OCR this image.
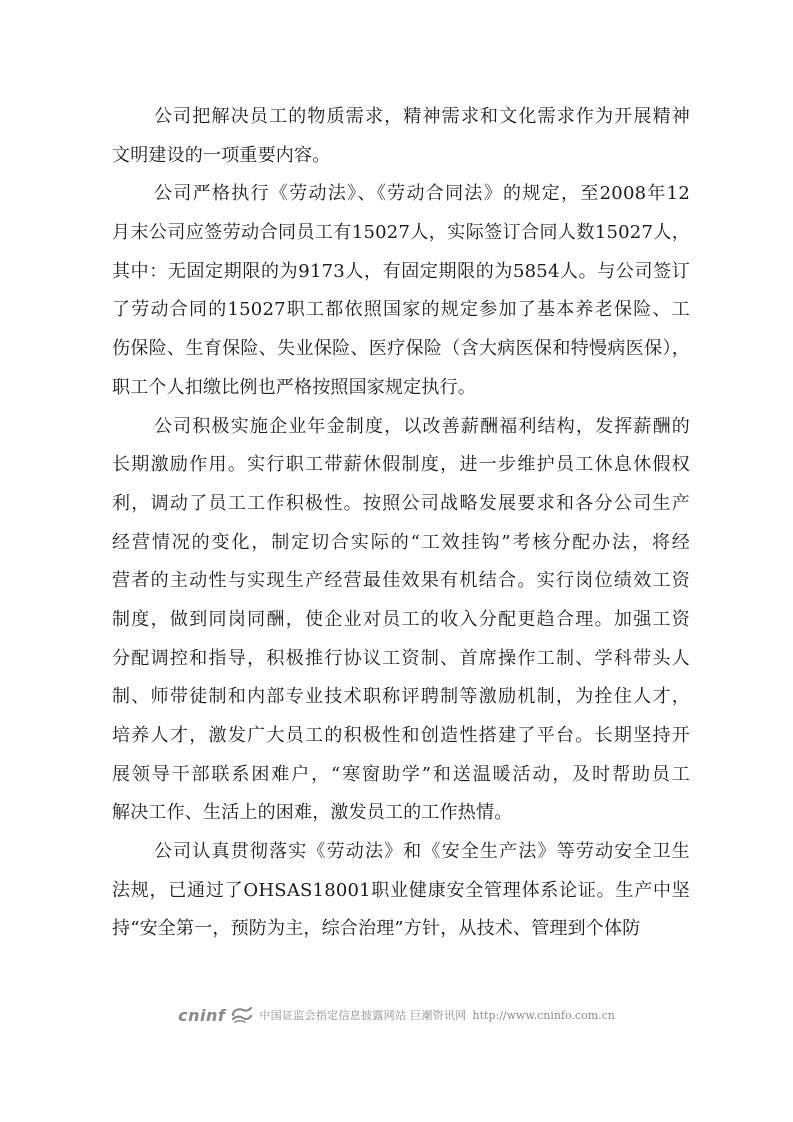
公司把解决员工的物质需求，精神需求和文化需求作为开展精神
文明建设的一项重要内容。
公司严格执行《劳动法》、《劳动合同法》的规定，至2008年12
月末公司应签劳动合同员工有15027人，实际签订合同人数15027人，
其中：无固定期限的为9173人，有固定期限的为5854人。与公司签订
了劳动合同的15027职工都依照国家的规定参加了基本养老保险、工
伤保险、生育保险、失业保险、医疗保险（含大病医保和特慢病医保），
职工个人扣缴比例也严格按照国家规定执行。
公司积极实施企业年金制度，以改善薪酬福利结构，发挥薪酬的
长期激励作用。实行职工带薪休假制度，进一步维护员工休息休假权
利，调动了员工工作积极性。按照公司战略发展要求和各分公司生产
经营情况的变化，制定切合实际的“工效挂钩”考核分配办法，将经
营者的主动性与实现生产经营最佳效果有机结合。实行岗位绩效工资
制度，做到同岗同酬，使企业对员工的收入分配更趋合理。加强工资
分配调控和指导，积极推行协议工资制、首席操作工制、学科带头人
制、师带徒制和内部专业技术职称评聘制等激励机制，为拴住人才，
培养人才，激发广大员工的积极性和创造性搭建了平台。长期坚持开
展领导干部联系困难户，“寒窗助学”和送温暖活动，及时帮助员工
解决工作、生活上的困难，激发员工的工作热情。
公司认真贯彻落实《劳动法》和《安全生产法》等劳动安全卫生
法规，已通过了OHSAS18001职业健康安全管理体系论证。生产中坚
持“安全第一，预防为主，综合治理”方针，从技术、管理到个体防
cninf	中国证监会指定信息披露网站 巨潮资讯网 http://www.cninfo.com.cn
